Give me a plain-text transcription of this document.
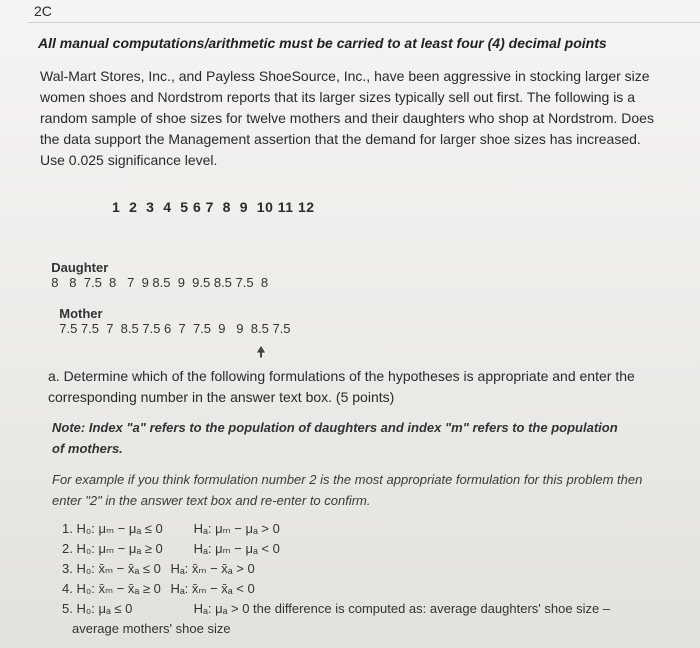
2C
All manual computations/arithmetic must be carried to at least four (4) decimal points
Wal-Mart Stores, Inc., and Payless ShoeSource, Inc., have been aggressive in stocking larger size women shoes and Nordstrom reports that its larger sizes typically sell out first. The following is a random sample of shoe sizes for twelve mothers and their daughters who shop at Nordstrom. Does the data support the Management assertion that the demand for larger shoe sizes has increased. Use 0.025 significance level.
1  2  3  4  5 6 7  8  9  10 11 12

Daughter
8   8  7.5  8   7  9 8.5  9  9.5 8.5 7.5  8

Mother
7.5 7.5  7  8.5 7.5 6  7  7.5  9   9  8.5 7.5

a. Determine which of the following formulations of the hypotheses is appropriate and enter the corresponding number in the answer text box. (5 points)
Note: Index "a" refers to the population of daughters and index "m" refers to the population of mothers.
For example if you think formulation number 2 is the most appropriate formulation for this problem then enter "2" in the answer text box and re-enter to confirm.
1. H₀: μₘ − μₐ ≤ 0 Hₐ: μₘ − μₐ > 0
2. H₀: μₘ − μₐ ≥ 0 Hₐ: μₘ − μₐ < 0
3. H₀: x̄ₘ − x̄ₐ ≤ 0 Hₐ: x̄ₘ − x̄ₐ > 0
4. H₀: x̄ₘ − x̄ₐ ≥ 0 Hₐ: x̄ₘ − x̄ₐ < 0
5. H₀: μₐ ≤ 0	Hₐ: μₐ > 0 the difference is computed as: average daughters' shoe size –
average mothers' shoe size
